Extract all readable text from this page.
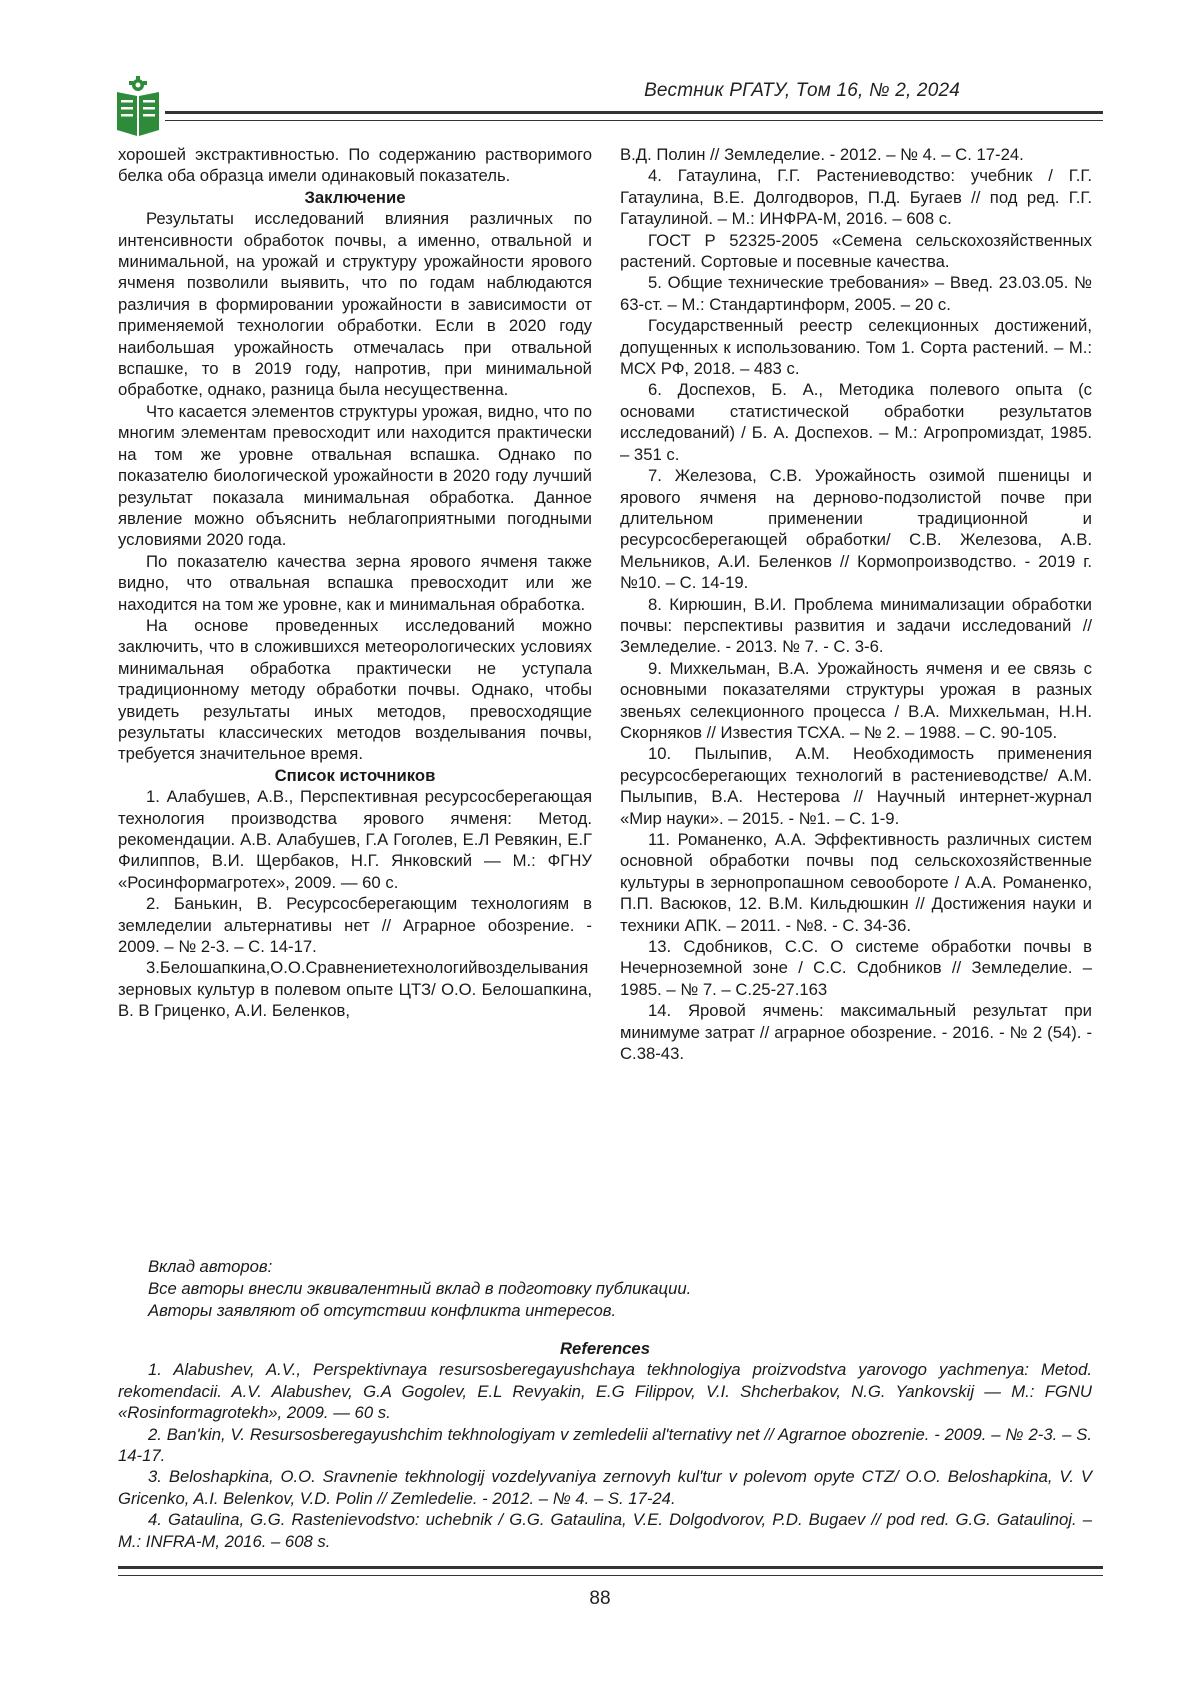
Вестник РГАТУ, Том 16, № 2, 2024

хорошей экстрактивностью. По содержанию растворимого белка оба образца имели одинаковый показатель.

Заключение

Результаты исследований влияния различных по интенсивности обработок почвы, а именно, отвальной и минимальной, на урожай и структуру урожайности ярового ячменя позволили выявить, что по годам наблюдаются различия в формировании урожайности в зависимости от применяемой технологии обработки. Если в 2020 году наибольшая урожайность отмечалась при отвальной вспашке, то в 2019 году, напротив, при минимальной обработке, однако, разница была несущественна.

Что касается элементов структуры урожая, видно, что по многим элементам превосходит или находится практически на том же уровне отвальная вспашка. Однако по показателю биологической урожайности в 2020 году лучший результат показала минимальная обработка. Данное явление можно объяснить неблагоприятными погодными условиями 2020 года.

По показателю качества зерна ярового ячменя также видно, что отвальная вспашка превосходит или же находится на том же уровне, как и минимальная обработка.

На основе проведенных исследований можно заключить, что в сложившихся метеорологических условиях минимальная обработка практически не уступала традиционному методу обработки почвы. Однако, чтобы увидеть результаты иных методов, превосходящие результаты классических методов возделывания почвы, требуется значительное время.

Список источников

1. Алабушев, А.В., Перспективная ресурсосберегающая технология производства ярового ячменя: Метод. рекомендации. А.В. Алабушев, Г.А Гоголев, Е.Л Ревякин, Е.Г Филиппов, В.И. Щербаков, Н.Г. Янковский — М.: ФГНУ «Росинформагротех», 2009. — 60 с.

2. Банькин, В. Ресурсосберегающим технологиям в земледелии альтернативы нет // Аграрное обозрение. - 2009. – № 2-3. – С. 14-17.

3.Белошапкина,О.О.Сравнениетехнологийвозделывания зерновых культур в полевом опыте ЦТЗ/ О.О. Белошапкина, В. В Гриценко, А.И. Беленков,

В.Д. Полин // Земледелие. - 2012. – № 4. – С. 17-24.

4. Гатаулина, Г.Г. Растениеводство: учебник / Г.Г. Гатаулина, В.Е. Долгодворов, П.Д. Бугаев // под ред. Г.Г. Гатаулиной. – М.: ИНФРА-М, 2016. – 608 с.

ГОСТ Р 52325-2005 «Семена сельскохозяйственных растений. Сортовые и посевные качества.

5. Общие технические требования» – Введ. 23.03.05. № 63-ст. – М.: Стандартинформ, 2005. – 20 с.

Государственный реестр селекционных достижений, допущенных к использованию. Том 1. Сорта растений. – М.: МСХ РФ, 2018. – 483 с.

6. Доспехов, Б. А., Методика полевого опыта (с основами статистической обработки результатов исследований) / Б. А. Доспехов. – М.: Агропромиздат, 1985. – 351 с.

7. Железова, С.В. Урожайность озимой пшеницы и ярового ячменя на дерново-подзолистой почве при длительном применении традиционной и ресурсосберегающей обработки/ С.В. Железова, А.В. Мельников, А.И. Беленков // Кормопроизводство. - 2019 г. №10. – С. 14-19.

8. Кирюшин, В.И. Проблема минимализации обработки почвы: перспективы развития и задачи исследований // Земледелие. - 2013. № 7. - С. 3-6.

9. Михкельман, В.А. Урожайность ячменя и ее связь с основными показателями структуры урожая в разных звеньях селекционного процесса / В.А. Михкельман, Н.Н. Скорняков // Известия ТСХА. – № 2. – 1988. – С. 90-105.

10. Пылыпив, А.М. Необходимость применения ресурсосберегающих технологий в растениеводстве/ А.М. Пылыпив, В.А. Нестерова // Научный интернет-журнал «Мир науки». – 2015. - №1. – С. 1-9.

11. Романенко, А.А. Эффективность различных систем основной обработки почвы под сельскохозяйственные культуры в зернопропашном севообороте / А.А. Романенко, П.П. Васюков, 12. В.М. Кильдюшкин // Достижения науки и техники АПК. – 2011. - №8. - С. 34-36.

13. Сдобников, С.С. О системе обработки почвы в Нечерноземной зоне / С.С. Сдобников // Земледелие. – 1985. – № 7. – С.25-27.163

14. Яровой ячмень: максимальный результат при минимуме затрат // аграрное обозрение. - 2016. - № 2 (54). - С.38-43.

Вклад авторов:
Все авторы внесли эквивалентный вклад в подготовку публикации.
Авторы заявляют об отсутствии конфликта интересов.
References

1. Alabushev, A.V., Perspektivnaya resursosberegayushchaya tekhnologiya proizvodstva yarovogo yachmenya: Metod. rekomendacii. A.V. Alabushev, G.A Gogolev, E.L Revyakin, E.G Filippov, V.I. Shcherbakov, N.G. Yankovskij — M.: FGNU «Rosinformagrotekh», 2009. — 60 s.

2. Ban'kin, V. Resursosberegayushchim tekhnologiyam v zemledelii al'ternativy net // Agrarnoe obozrenie. - 2009. – № 2-3. – S. 14-17.

3. Beloshapkina, O.O. Sravnenie tekhnologij vozdelyvaniya zernovyh kul'tur v polevom opyte CTZ/ O.O. Beloshapkina, V. V Gricenko, A.I. Belenkov, V.D. Polin // Zemledelie. - 2012. – № 4. – S. 17-24.

4. Gataulina, G.G. Rastenievodstvo: uchebnik / G.G. Gataulina, V.E. Dolgodvorov, P.D. Bugaev // pod red. G.G. Gataulinoj. – M.: INFRA-M, 2016. – 608 s.

88
